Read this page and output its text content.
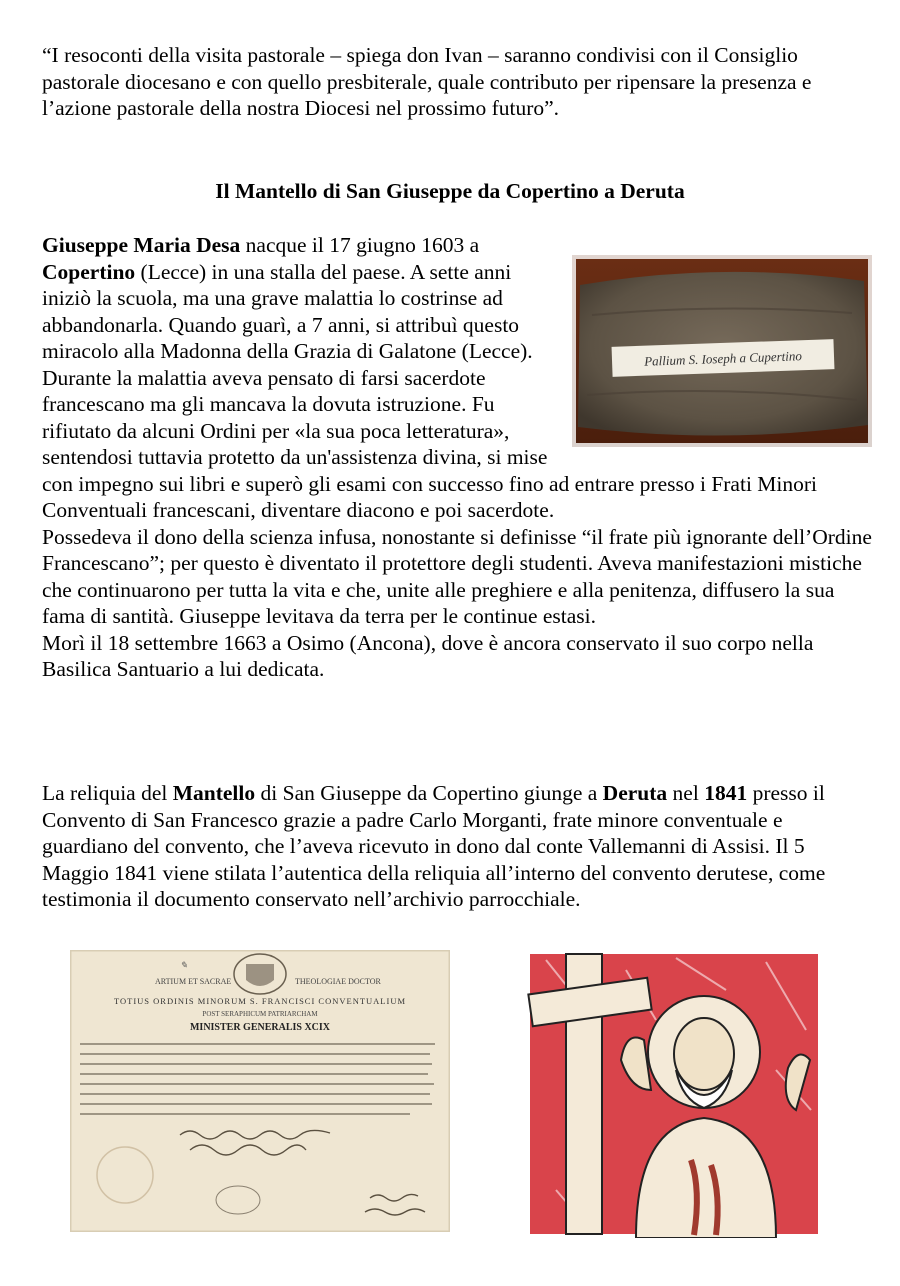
“I resoconti della visita pastorale – spiega don Ivan – saranno condivisi con il Consiglio pastorale diocesano e con quello presbiterale, quale contributo per ripensare la presenza e l’azione pastorale della nostra Diocesi nel prossimo futuro”.

Il Mantello di San Giuseppe da Copertino a Deruta
Pallium S. Ioseph a Cupertino
Giuseppe Maria Desa nacque il 17 giugno 1603 a Copertino (Lecce) in una stalla del paese. A sette anni iniziò la scuola, ma una grave malattia lo costrinse ad abbandonarla. Quando guarì, a 7 anni, si attribuì questo miracolo alla Madonna della Grazia di Galatone (Lecce).
Durante la malattia aveva pensato di farsi sacerdote francescano ma gli mancava la dovuta istruzione. Fu rifiutato da alcuni Ordini per «la sua poca letteratura», sentendosi tuttavia protetto da un'assistenza divina, si mise con impegno sui libri e superò gli esami con successo fino ad entrare presso i Frati Minori Conventuali francescani, diventare diacono e poi sacerdote.
Possedeva il dono della scienza infusa, nonostante si definisse “il frate più ignorante dell’Ordine Francescano”; per questo è diventato il protettore degli studenti. Aveva manifestazioni mistiche che continuarono per tutta la vita e che, unite alle preghiere e alla penitenza, diffusero la sua fama di santità. Giuseppe levitava da terra per le continue estasi.
Morì il 18 settembre 1663 a Osimo (Ancona), dove è ancora conservato il suo corpo nella Basilica Santuario a lui dedicata.

La reliquia del Mantello di San Giuseppe da Copertino giunge a Deruta nel 1841 presso il Convento di San Francesco grazie a padre Carlo Morganti, frate minore conventuale e guardiano del convento, che l’aveva ricevuto in dono dal conte Vallemanni di Assisi. Il 5 Maggio 1841 viene stilata l’autentica della reliquia all’interno del convento derutese, come testimonia il documento conservato nell’archivio parrocchiale.

✎
ARTIUM ET SACRAE	THEOLOGIAE DOCTOR
TOTIUS ORDINIS MINORUM S. FRANCISCI CONVENTUALIUM
POST SERAPHICUM PATRIARCHAM
MINISTER GENERALIS XCIX
